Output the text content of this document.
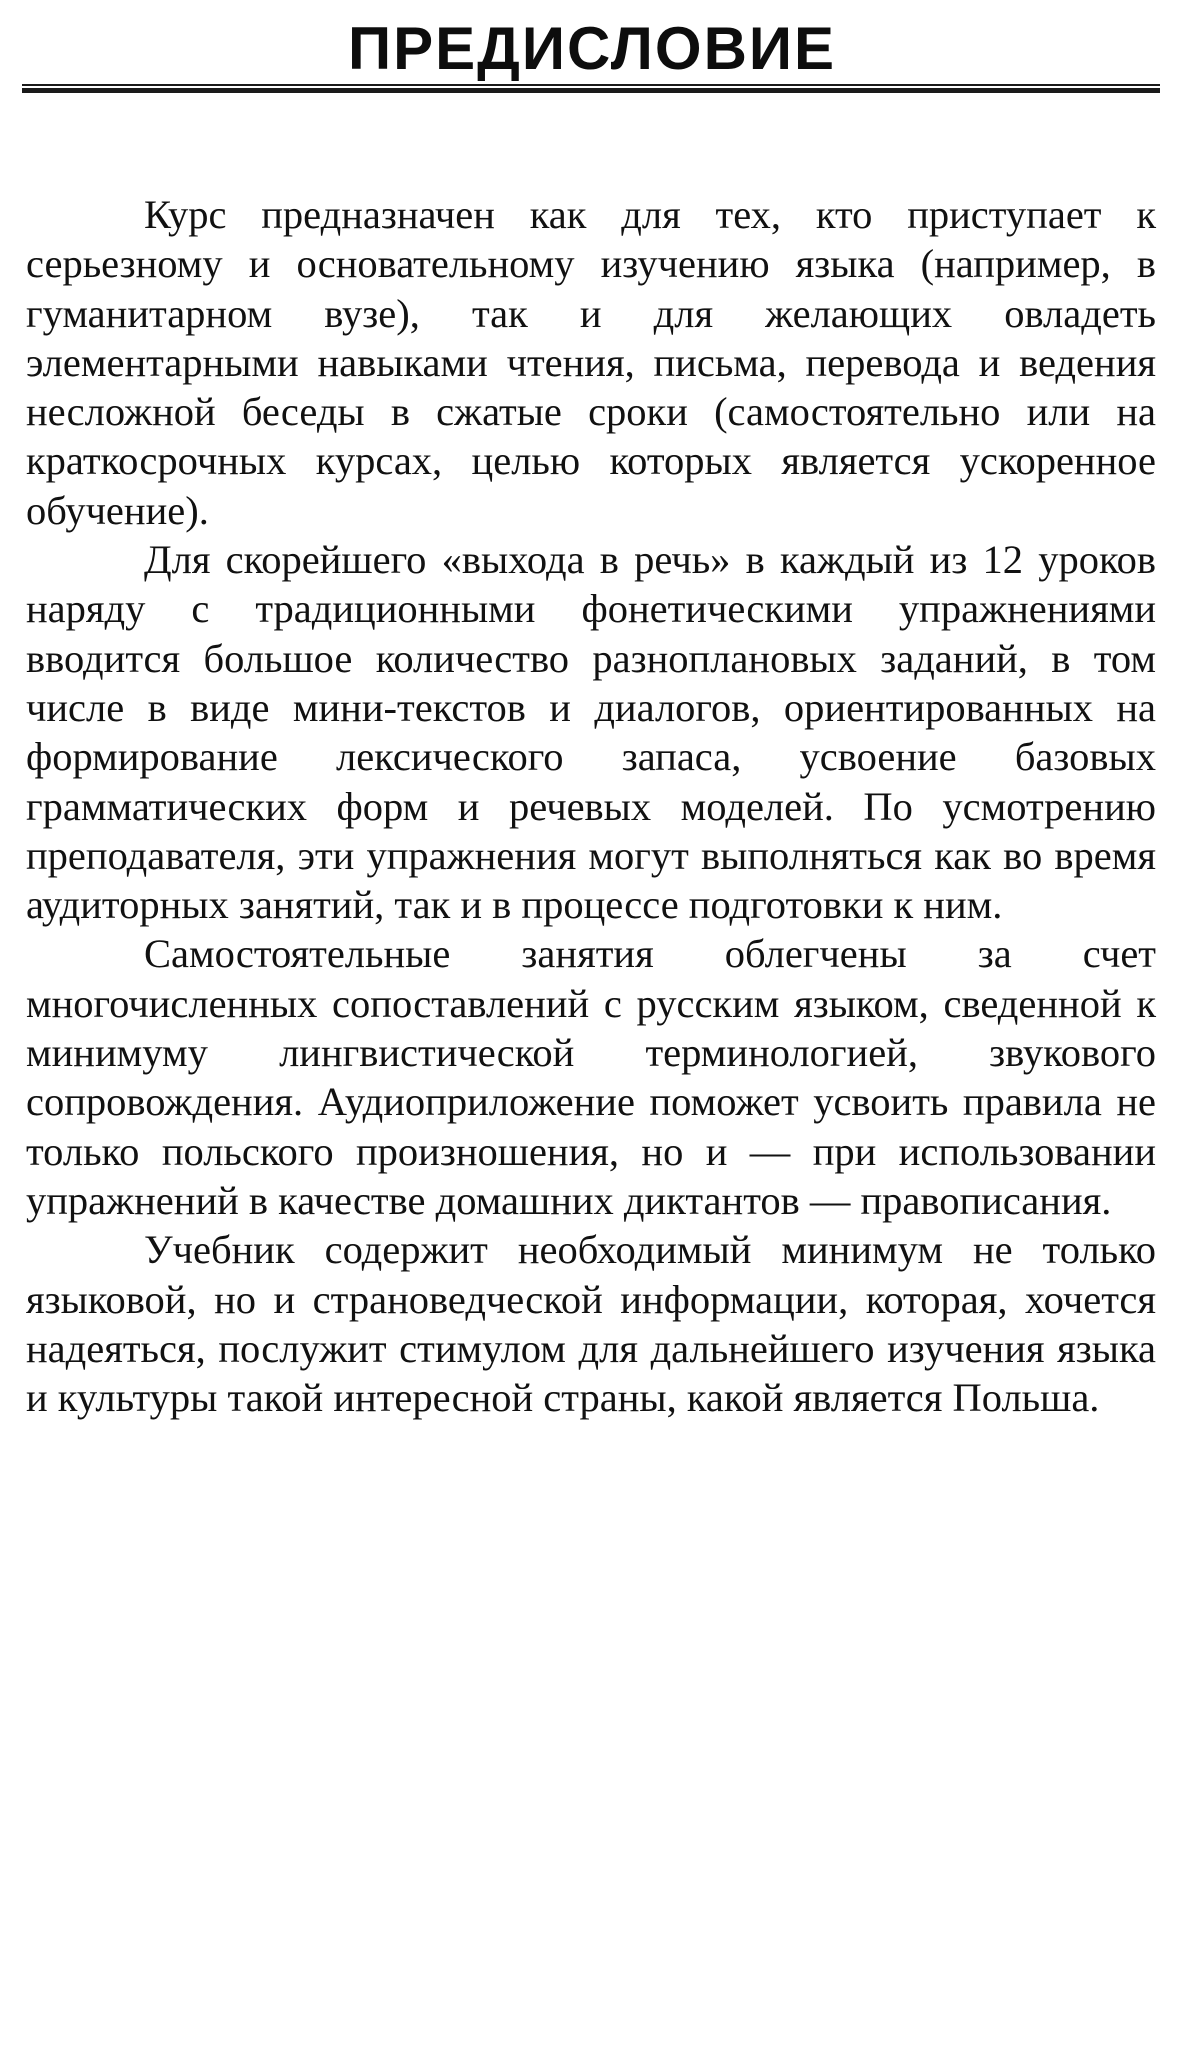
ПРЕДИСЛОВИЕ

Курс предназначен как для тех, кто приступает к серьезному и основательному изучению языка (например, в гуманитарном вузе), так и для желающих овладеть элементарными навыками чтения, письма, перевода и ведения несложной беседы в сжатые сроки (самостоятельно или на краткосрочных курсах, целью которых является ускоренное обучение).

Для скорейшего «выхода в речь» в каждый из 12 уроков наряду с традиционными фонетическими упражнениями вводится большое количество разноплановых заданий, в том числе в виде мини-текстов и диалогов, ориентированных на формирование лексического запаса, усвоение базовых грамматических форм и речевых моделей. По усмотрению преподавателя, эти упражнения могут выполняться как во время аудиторных занятий, так и в процессе подготовки к ним.

Самостоятельные занятия облегчены за счет многочисленных сопоставлений с русским языком, сведенной к минимуму лингвистической терминологией, звукового сопровождения. Аудиоприложение поможет усвоить правила не только польского произношения, но и — при использовании упражнений в качестве домашних диктантов — правописания.

Учебник содержит необходимый минимум не только языковой, но и страноведческой информации, которая, хочется надеяться, послужит стимулом для дальнейшего изучения языка и культуры такой интересной страны, какой является Польша.
